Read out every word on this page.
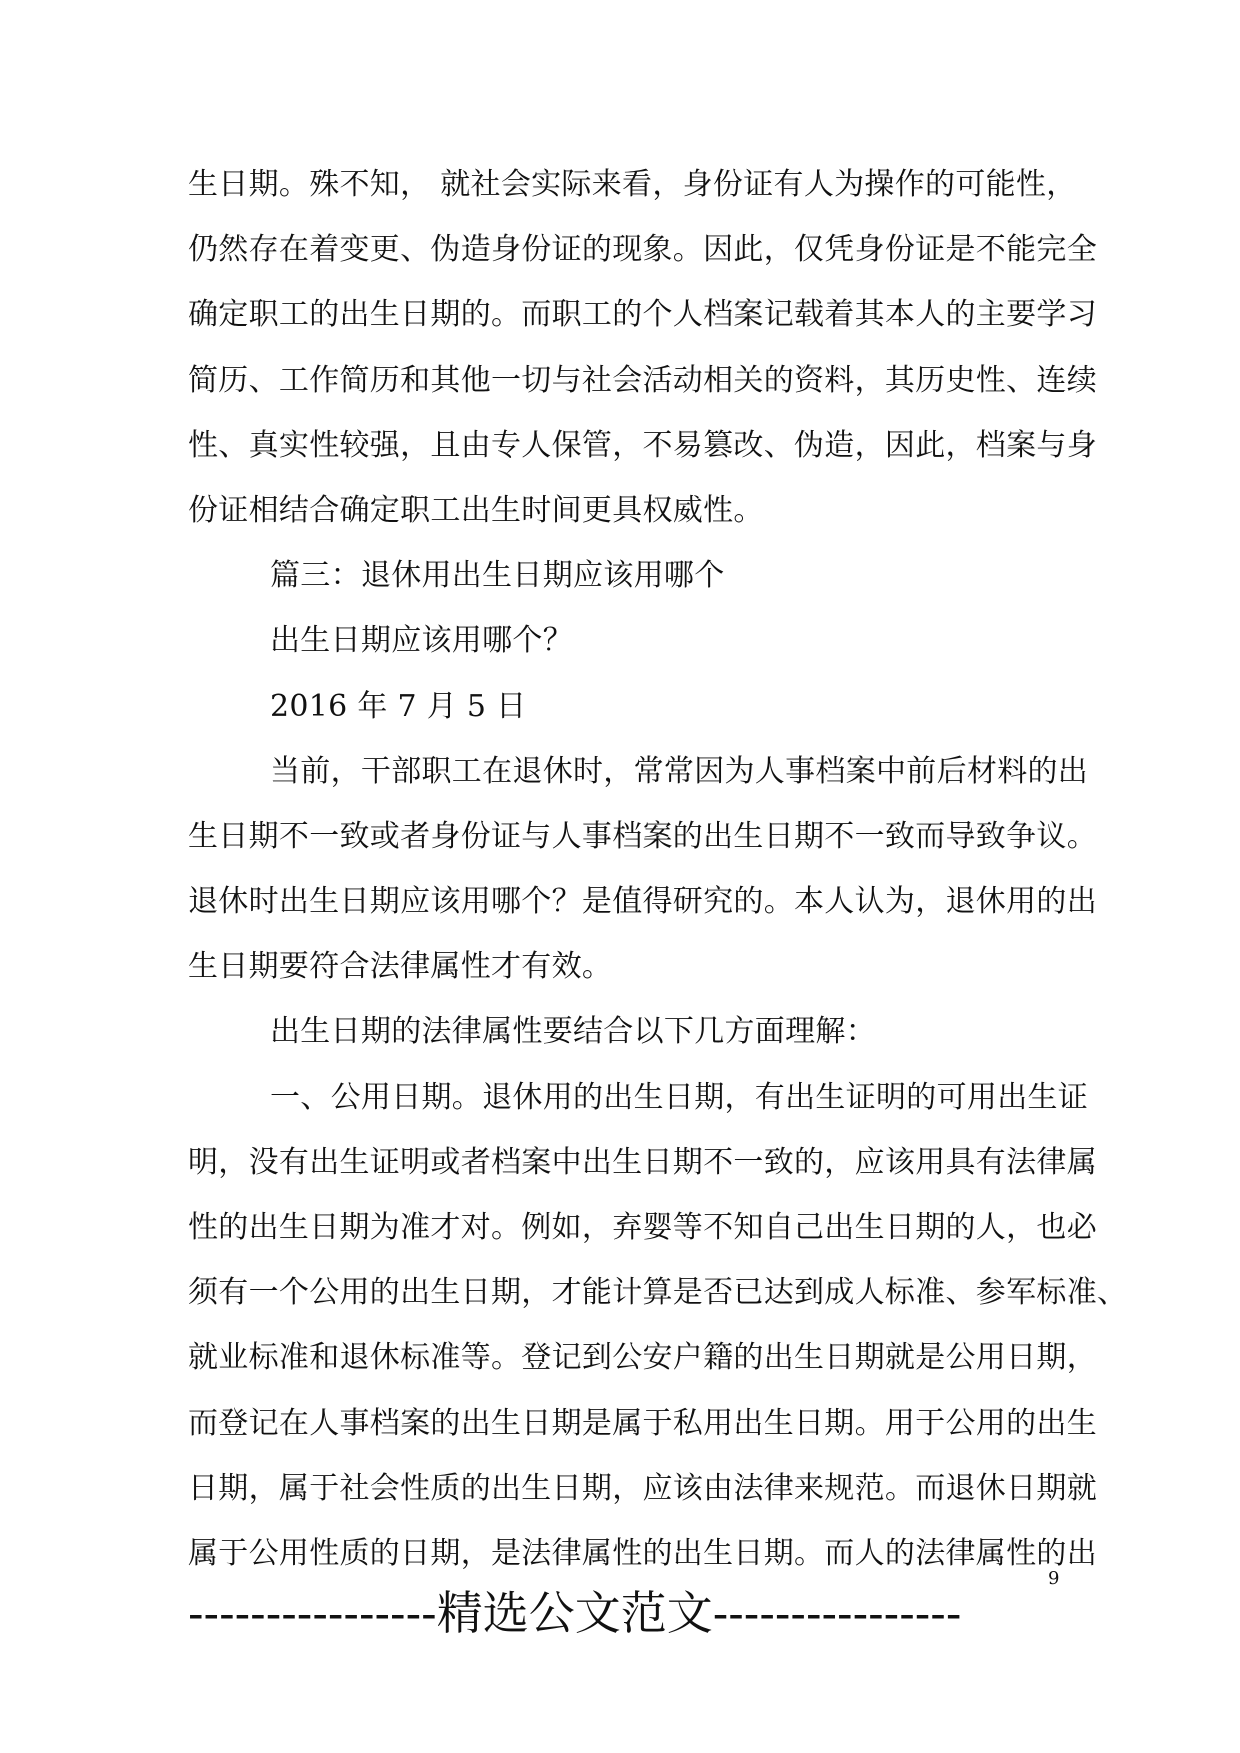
生日期。殊不知， 就社会实际来看，身份证有人为操作的可能性，
仍然存在着变更、伪造身份证的现象。因此，仅凭身份证是不能完全
确定职工的出生日期的。而职工的个人档案记载着其本人的主要学习
简历、工作简历和其他一切与社会活动相关的资料，其历史性、连续
性、真实性较强，且由专人保管，不易篡改、伪造，因此，档案与身
份证相结合确定职工出生时间更具权威性。
篇三：退休用出生日期应该用哪个
出生日期应该用哪个？
2016 年 7 月 5 日
当前，干部职工在退休时，常常因为人事档案中前后材料的出
生日期不一致或者身份证与人事档案的出生日期不一致而导致争议。
退休时出生日期应该用哪个？是值得研究的。本人认为，退休用的出
生日期要符合法律属性才有效。
出生日期的法律属性要结合以下几方面理解：
一、公用日期。退休用的出生日期，有出生证明的可用出生证
明，没有出生证明或者档案中出生日期不一致的，应该用具有法律属
性的出生日期为准才对。例如，弃婴等不知自己出生日期的人，也必
须有一个公用的出生日期，才能计算是否已达到成人标准、参军标准、
就业标准和退休标准等。登记到公安户籍的出生日期就是公用日期，
而登记在人事档案的出生日期是属于私用出生日期。用于公用的出生
日期，属于社会性质的出生日期，应该由法律来规范。而退休日期就
属于公用性质的日期，是法律属性的出生日期。而人的法律属性的出
----------------精选公文范文----------------
9
